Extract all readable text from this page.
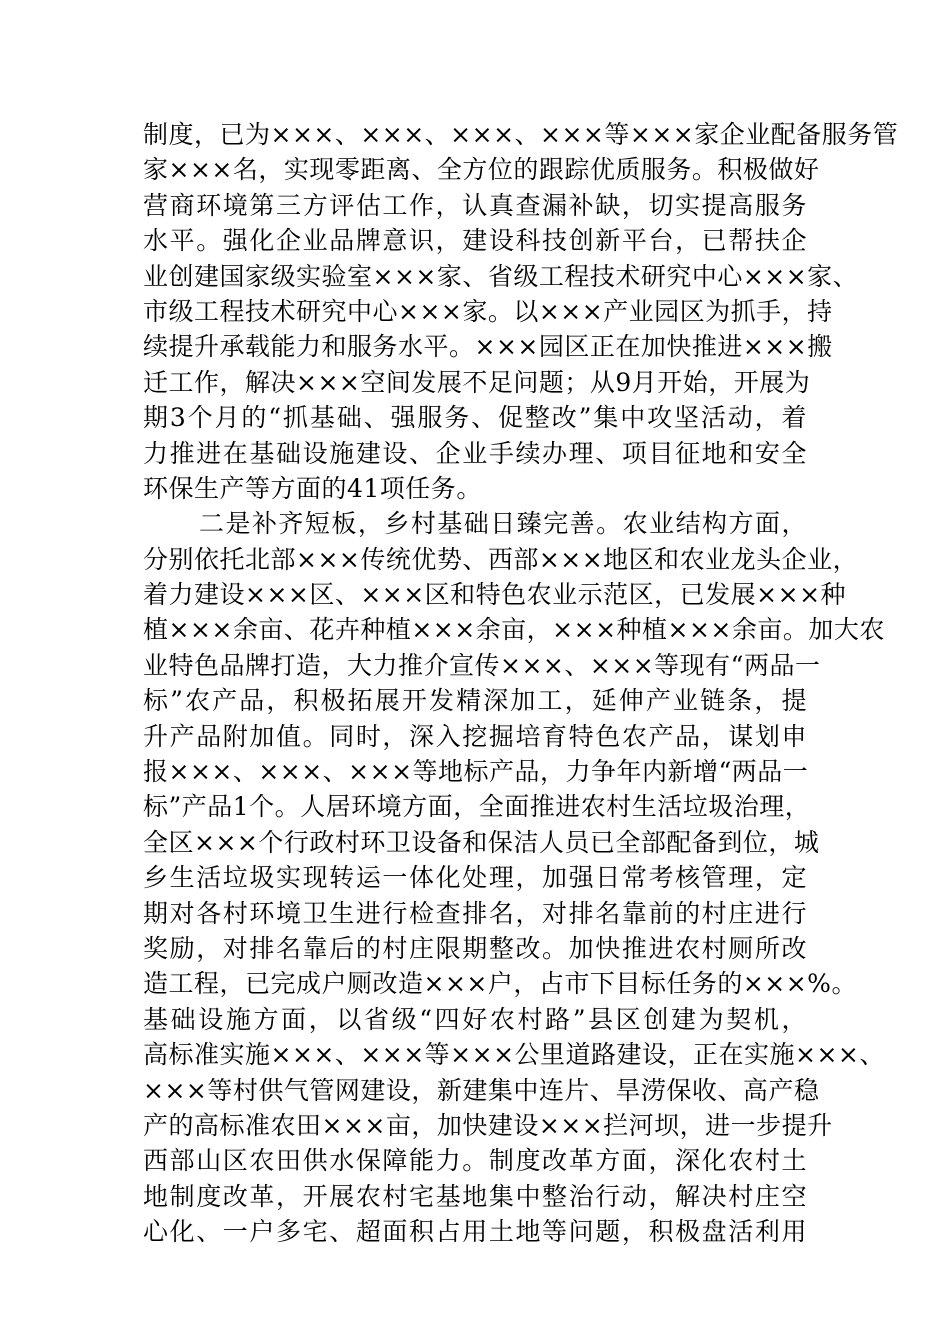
制度，已为×××、×××、×××、×××等×××家企业配备服务管
家×××名，实现零距离、全方位的跟踪优质服务。积极做好
营商环境第三方评估工作，认真查漏补缺，切实提高服务
水平。强化企业品牌意识，建设科技创新平台，已帮扶企
业创建国家级实验室×××家、省级工程技术研究中心×××家、
市级工程技术研究中心×××家。以×××产业园区为抓手，持
续提升承载能力和服务水平。×××园区正在加快推进×××搬
迁工作，解决×××空间发展不足问题；从9月开始，开展为
期3个月的“抓基础、强服务、促整改”集中攻坚活动，着
力推进在基础设施建设、企业手续办理、项目征地和安全
环保生产等方面的41项任务。
二是补齐短板，乡村基础日臻完善。农业结构方面，
分别依托北部×××传统优势、西部×××地区和农业龙头企业，
着力建设×××区、×××区和特色农业示范区，已发展×××种
植×××余亩、花卉种植×××余亩，×××种植×××余亩。加大农
业特色品牌打造，大力推介宣传×××、×××等现有“两品一
标”农产品，积极拓展开发精深加工，延伸产业链条，提
升产品附加值。同时，深入挖掘培育特色农产品，谋划申
报×××、×××、×××等地标产品，力争年内新增“两品一
标”产品1个。人居环境方面，全面推进农村生活垃圾治理，
全区×××个行政村环卫设备和保洁人员已全部配备到位，城
乡生活垃圾实现转运一体化处理，加强日常考核管理，定
期对各村环境卫生进行检查排名，对排名靠前的村庄进行
奖励，对排名靠后的村庄限期整改。加快推进农村厕所改
造工程，已完成户厕改造×××户，占市下目标任务的×××%。
基础设施方面，以省级“四好农村路”县区创建为契机，
高标准实施×××、×××等×××公里道路建设，正在实施×××、
×××等村供气管网建设，新建集中连片、旱涝保收、高产稳
产的高标准农田×××亩，加快建设×××拦河坝，进一步提升
西部山区农田供水保障能力。制度改革方面，深化农村土
地制度改革，开展农村宅基地集中整治行动，解决村庄空
心化、一户多宅、超面积占用土地等问题，积极盘活利用
